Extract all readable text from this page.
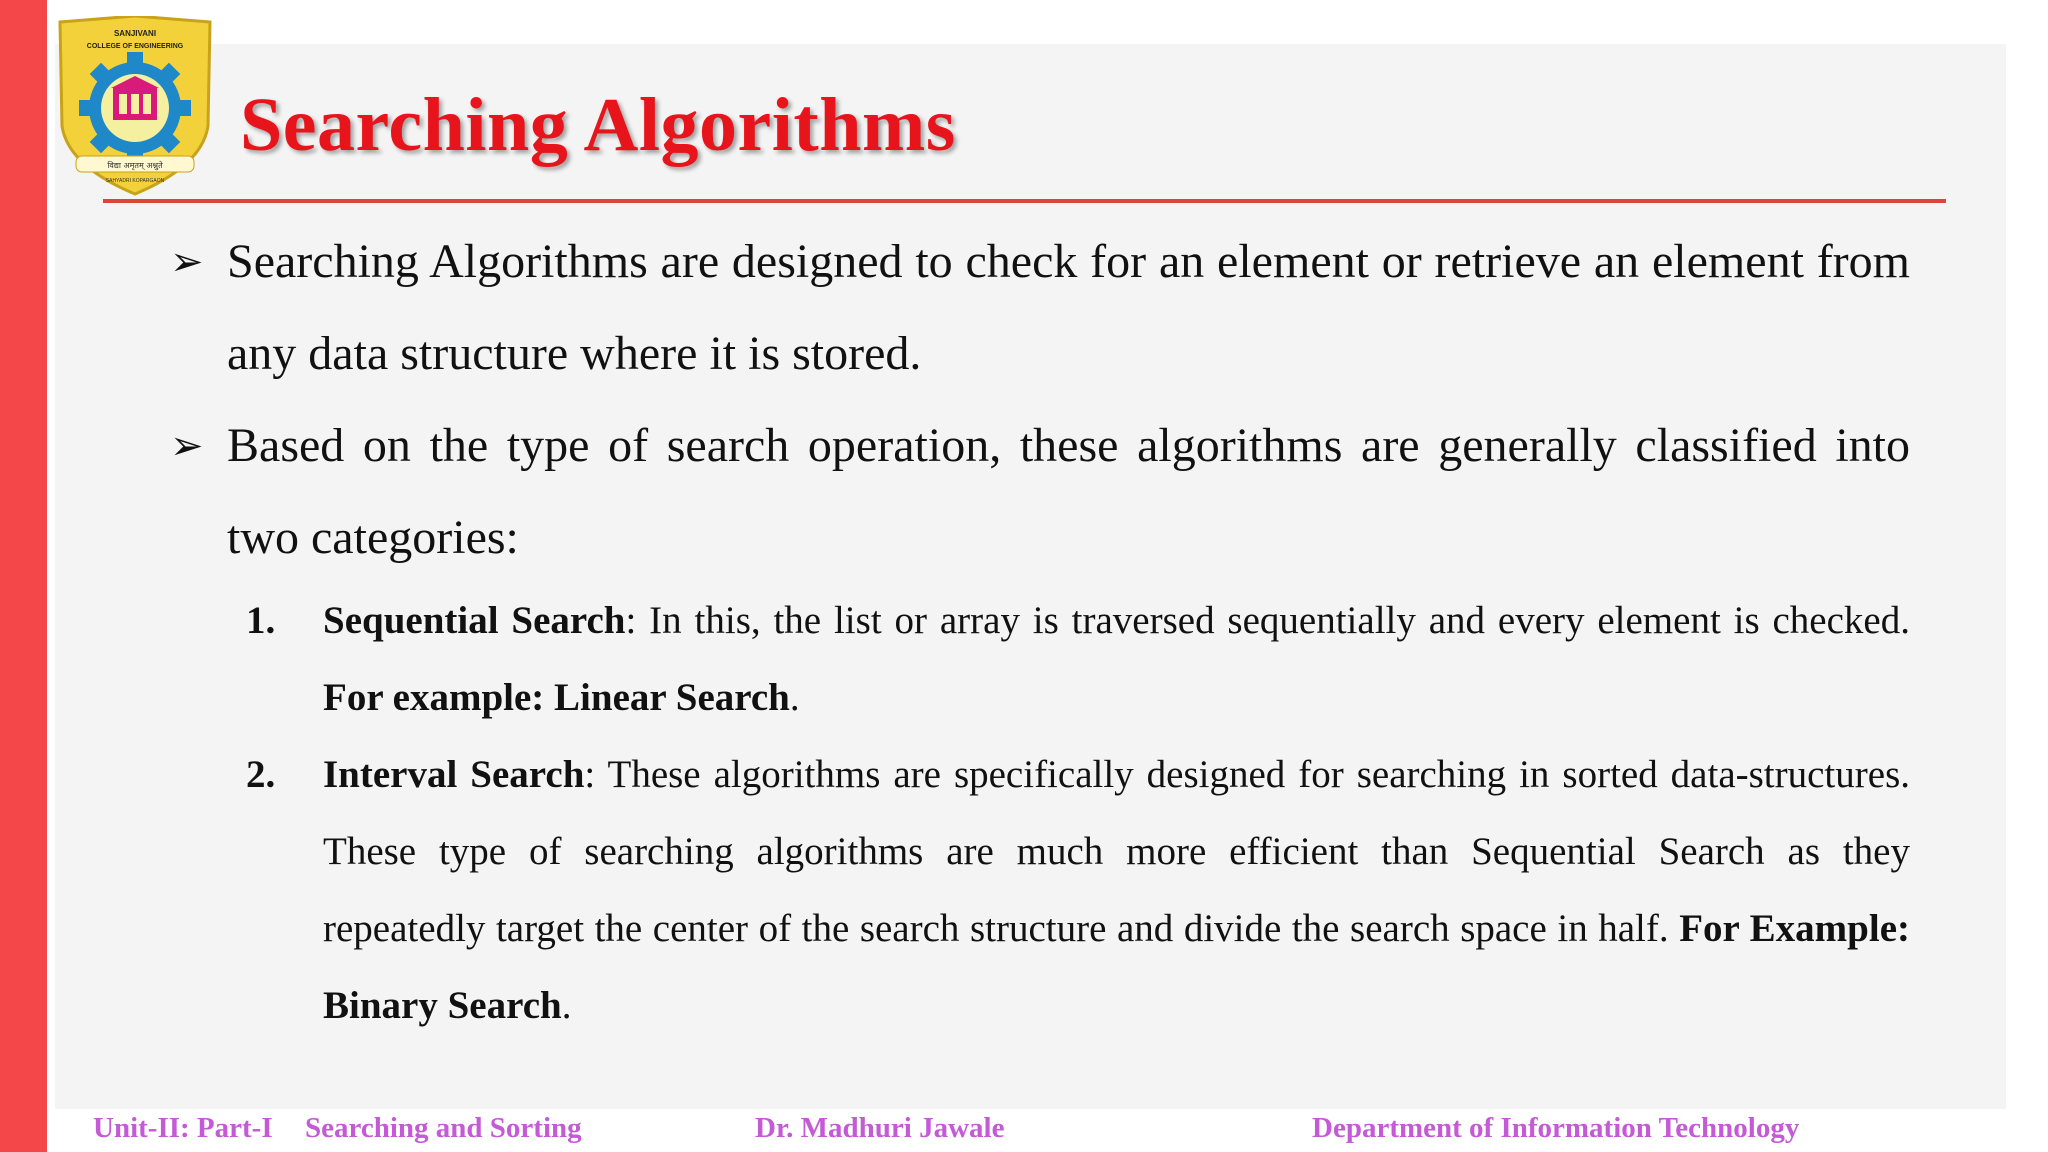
SANJIVANI
COLLEGE OF ENGINEERING
विद्या अमृतम् अश्नुते
SAHYADRI KOPARGAON
Searching Algorithms
➢ Searching Algorithms are designed to check for an element or retrieve an element from any data structure where it is stored.
➢ Based on the type of search operation, these algorithms are generally classified into two categories:
1.	Sequential Search: In this, the list or array is traversed sequentially and every element is checked. For example: Linear Search.
2.	Interval Search: These algorithms are specifically designed for searching in sorted data-structures. These type of searching algorithms are much more efficient than Sequential Search as they repeatedly target the center of the search structure and divide the search space in half. For Example: Binary Search.
Unit-II: Part-I Searching and Sorting	Dr. Madhuri Jawale	Department of Information Technology
